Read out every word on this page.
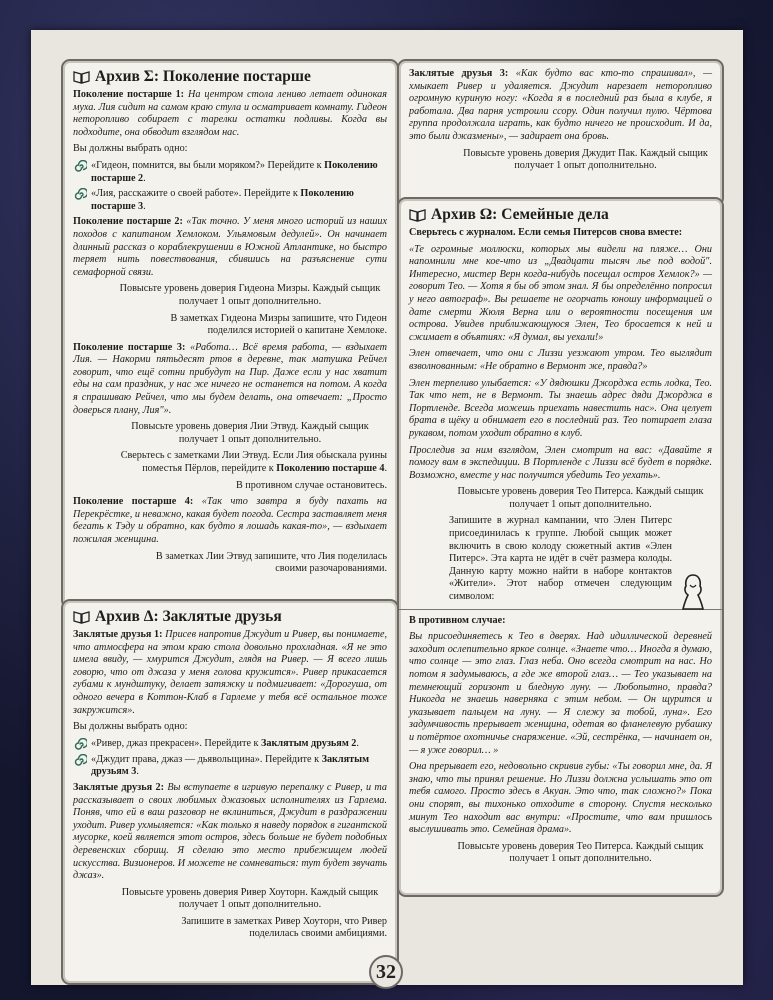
Архив Σ: Поколение постарше

Поколение постарше 1: На центром стола лениво летает одинокая муха. Лия сидит на самом краю стула и осматривает комнату. Гидеон неторопливо собирает с тарелки остатки подливы. Когда вы подходите, она обводит взглядом нас.

Вы должны выбрать одно:

«Гидеон, помнится, вы были моряком?» Перейдите к Поколению постарше 2.
«Лия, расскажите о своей работе». Перейдите к Поколению постарше 3.

Поколение постарше 2: «Так точно. У меня много историй из наших походов с капитаном Хемлоком. Ульямовым дедулей». Он начинает длинный рассказ о кораблекрушении в Южной Атлантике, но быстро теряет нить повествования, сбившись на разъяснение сути семафорной связи.

Повысьте уровень доверия Гидеона Мизры. Каждый сыщик получает 1 опыт дополнительно.

В заметках Гидеона Мизры запишите, что Гидеон поделился историей о капитане Хемлоке.

Поколение постарше 3: «Работа… Всё время работа, — вздыхает Лия. — Накорми пятьдесят ртов в деревне, так матушка Рейчел говорит, что ещё сотни прибудут на Пир. Даже если у нас хватит еды на сам праздник, у нас же ничего не останется на потом. А когда я спрашиваю Рейчел, что мы будем делать, она отвечает: „Просто доверься плану, Лия"».

Повысьте уровень доверия Лии Этвуд. Каждый сыщик получает 1 опыт дополнительно.

Сверьтесь с заметками Лии Этвуд. Если Лия обыскала руины поместья Пёрлов, перейдите к Поколению постарше 4.

В противном случае остановитесь.

Поколение постарше 4: «Так что завтра я буду пахать на Перекрёстке, и неважно, какая будет погода. Сестра заставляет меня бегать к Тэду и обратно, как будто я лошадь какая-то», — вздыхает пожилая женщина.

В заметках Лии Этвуд запишите, что Лия поделилась своими разочарованиями.

Архив Δ: Заклятые друзья

Заклятые друзья 1: Присев напротив Джудит и Ривер, вы понимаете, что атмосфера на этом краю стола довольно прохладная. «Я не это имела ввиду, — хмурится Джудит, глядя на Ривер. — Я всего лишь говорю, что от джаза у меня голова кружится». Ривер прикасается губами к мундштуку, делает затяжку и подмигивает: «Дорогуша, от одного вечера в Коттон-Клаб в Гарлеме у тебя всё остальное тоже закружится».

Вы должны выбрать одно:

«Ривер, джаз прекрасен». Перейдите к Заклятым друзьям 2.
«Джудит права, джаз — дьявольщина». Перейдите к Заклятым друзьям 3.

Заклятые друзья 2: Вы вступаете в игривую перепалку с Ривер, и та рассказывает о своих любимых джазовых исполнителях из Гарлема. Поняв, что ей в ваш разговор не вклиниться, Джудит в раздражении уходит. Ривер ухмыляется: «Как только я наведу порядок в гигантской мусорке, коей является этот остров, здесь больше не будет подобных деревенских сборищ. Я сделаю это место прибежищем людей искусства. Визионеров. И можете не сомневаться: тут будет звучать джаз».

Повысьте уровень доверия Ривер Хоуторн. Каждый сыщик получает 1 опыт дополнительно.

Запишите в заметках Ривер Хоуторн, что Ривер поделилась своими амбициями.

Заклятые друзья 3: «Как будто вас кто-то спрашивал», — хмыкает Ривер и удаляется. Джудит нарезает неторопливо огромную куриную ногу: «Когда я в последний раз была в клубе, я работала. Два парня устроили ссору. Один получил пулю. Чёртова группа продолжала играть, как будто ничего не происходит. И да, это были джазмены», — задирает она бровь.

Повысьте уровень доверия Джудит Пак. Каждый сыщик получает 1 опыт дополнительно.

Архив Ω: Семейные дела

Сверьтесь с журналом. Если семья Питерсов снова вместе:

«Те огромные моллюски, которых мы видели на пляже… Они напомнили мне кое-что из „Двадцати тысяч лье под водой". Интересно, мистер Верн когда-нибудь посещал остров Хемлок?» — говорит Тео. — Хотя я бы об этом знал. Я бы определённо попросил у него автограф». Вы решаете не огорчать юношу информацией о дате смерти Жюля Верна или о вероятности посещения им острова. Увидев приближающуюся Элен, Тео бросается к ней и сжимает в объятиях: «Я думал, вы уехали!»

Элен отвечает, что они с Лиззи уезжают утром. Тео выглядит взволнованным: «Не обратно в Вермонт же, правда?»

Элен терпеливо улыбается: «У дядюшки Джорджа есть лодка, Тео. Так что нет, не в Вермонт. Ты знаешь адрес дяди Джорджа в Портленде. Всегда можешь приехать навестить нас». Она целует брата в щёку и обнимает его в последний раз. Тео потирает глаза рукавом, потом уходит обратно в клуб.

Проследив за ним взглядом, Элен смотрит на вас: «Давайте я помогу вам в экспедиции. В Портленде с Лиззи всё будет в порядке. Возможно, вместе у нас получится убедить Тео уехать».

Повысьте уровень доверия Тео Питерса. Каждый сыщик получает 1 опыт дополнительно.

Запишите в журнал кампании, что Элен Питерс присоединилась к группе. Любой сыщик может включить в свою колоду сюжетный актив «Элен Питерс». Эта карта не идёт в счёт размера колоды. Данную карту можно найти в наборе контактов «Жители». Этот набор отмечен следующим символом:

В противном случае:

Вы присоединяетесь к Тео в дверях. Над идиллической деревней заходит ослепительно яркое солнце. «Знаете что… Иногда я думаю, что солнце — это глаз. Глаз неба. Оно всегда смотрит на нас. Но потом я задумываюсь, а где же второй глаз… — Тео указывает на темнеющий горизонт и бледную луну. — Любопытно, правда? Никогда не знаешь наверняка с этим небом. — Он щурится и указывает пальцем на луну. — Я слежу за тобой, луна». Его задумчивость прерывает женщина, одетая во фланелевую рубашку и потёртое охотничье снаряжение. «Эй, сестрёнка, — начинает он, — я уже говорил… »

Она прерывает его, недовольно скривив губы: «Ты говорил мне, да. Я знаю, что ты принял решение. Но Лиззи должна услышать это от тебя самого. Просто здесь в Акуан. Это что, так сложно?» Пока они спорят, вы тихонько отходите в сторону. Спустя несколько минут Тео находит вас внутри: «Простите, что вам пришлось выслушивать это. Семейная драма».

Повысьте уровень доверия Тео Питерса. Каждый сыщик получает 1 опыт дополнительно.

32
